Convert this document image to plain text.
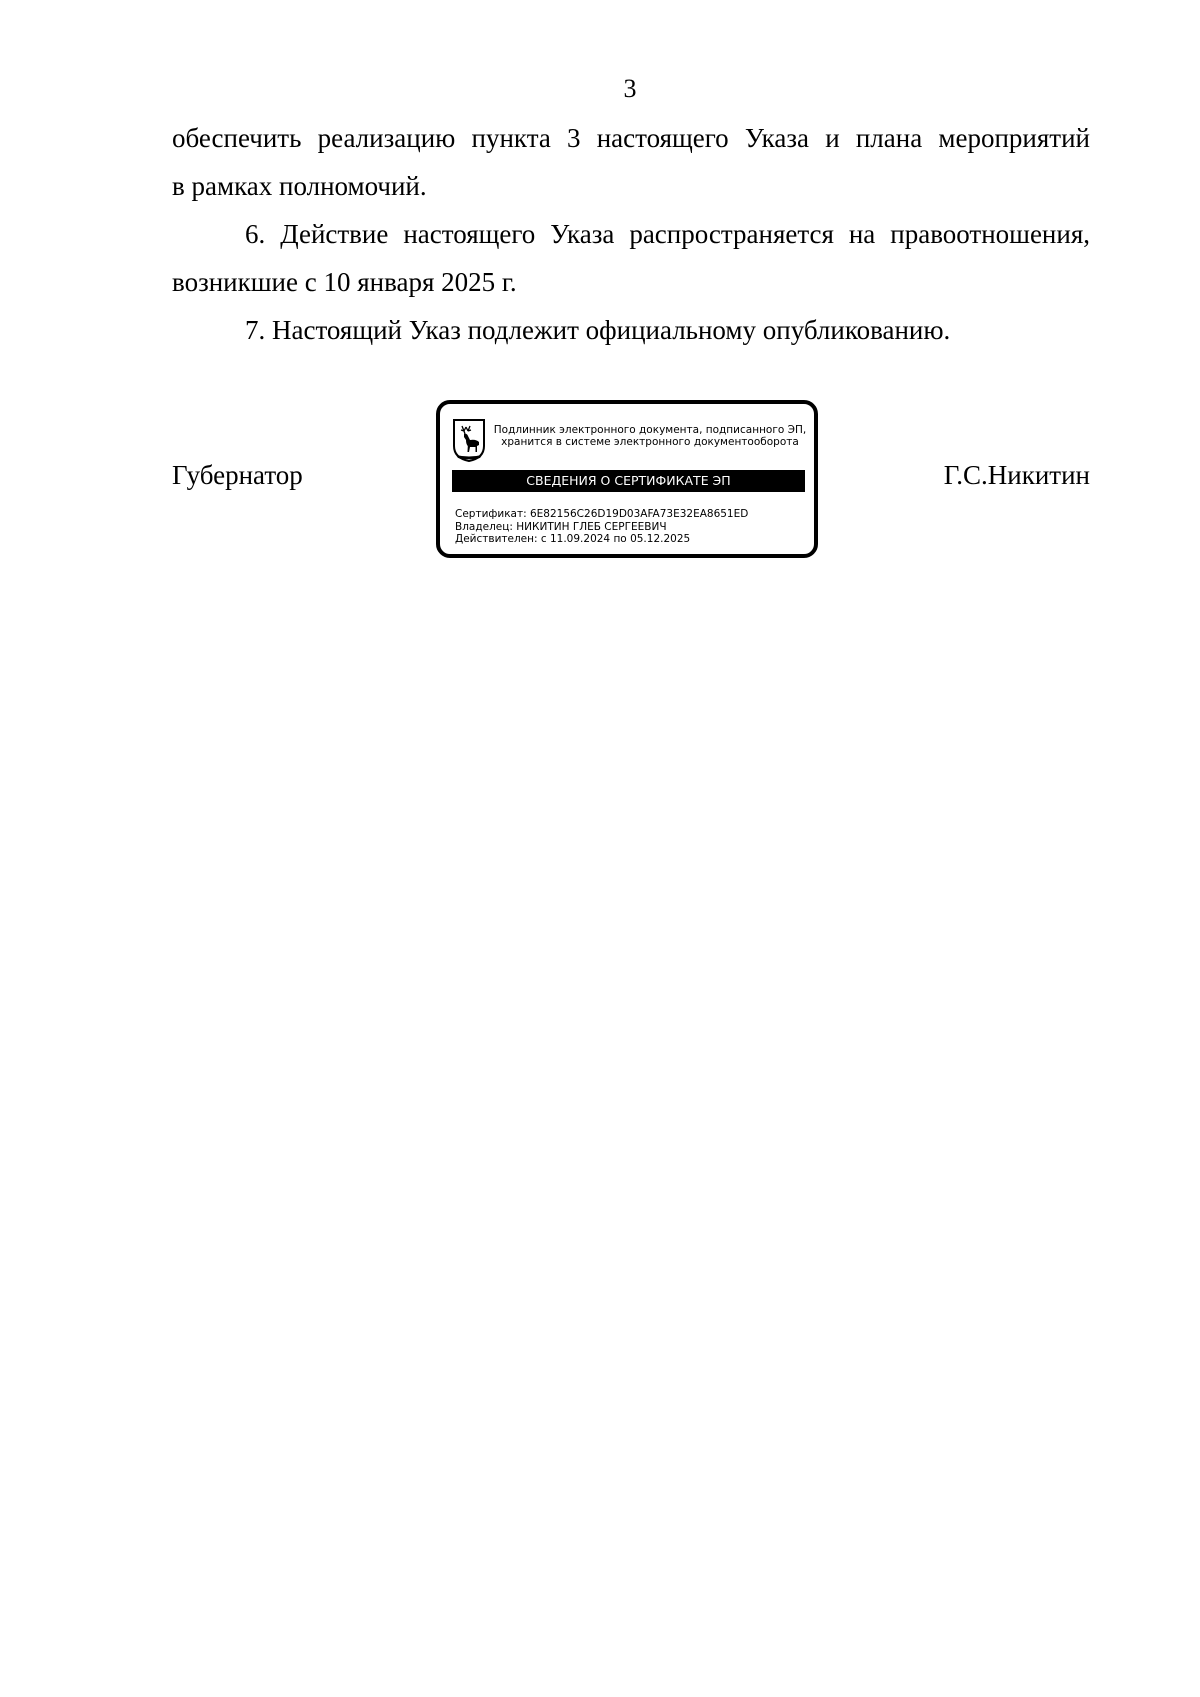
3

обеспечить реализацию пункта 3 настоящего Указа и плана мероприятий
в рамках полномочий.

6. Действие настоящего Указа распространяется на правоотношения,
возникшие с 10 января 2025 г.

7. Настоящий Указ подлежит официальному опубликованию.

Губернатор
Подлинник электронного документа, подписанного ЭП,
хранится в системе электронного документооборота
СВЕДЕНИЯ О СЕРТИФИКАТЕ ЭП
Сертификат: 6E82156C26D19D03AFA73E32EA8651ED
Владелец: НИКИТИН ГЛЕБ СЕРГЕЕВИЧ
Действителен: с 11.09.2024 по 05.12.2025
Г.С.Никитин
